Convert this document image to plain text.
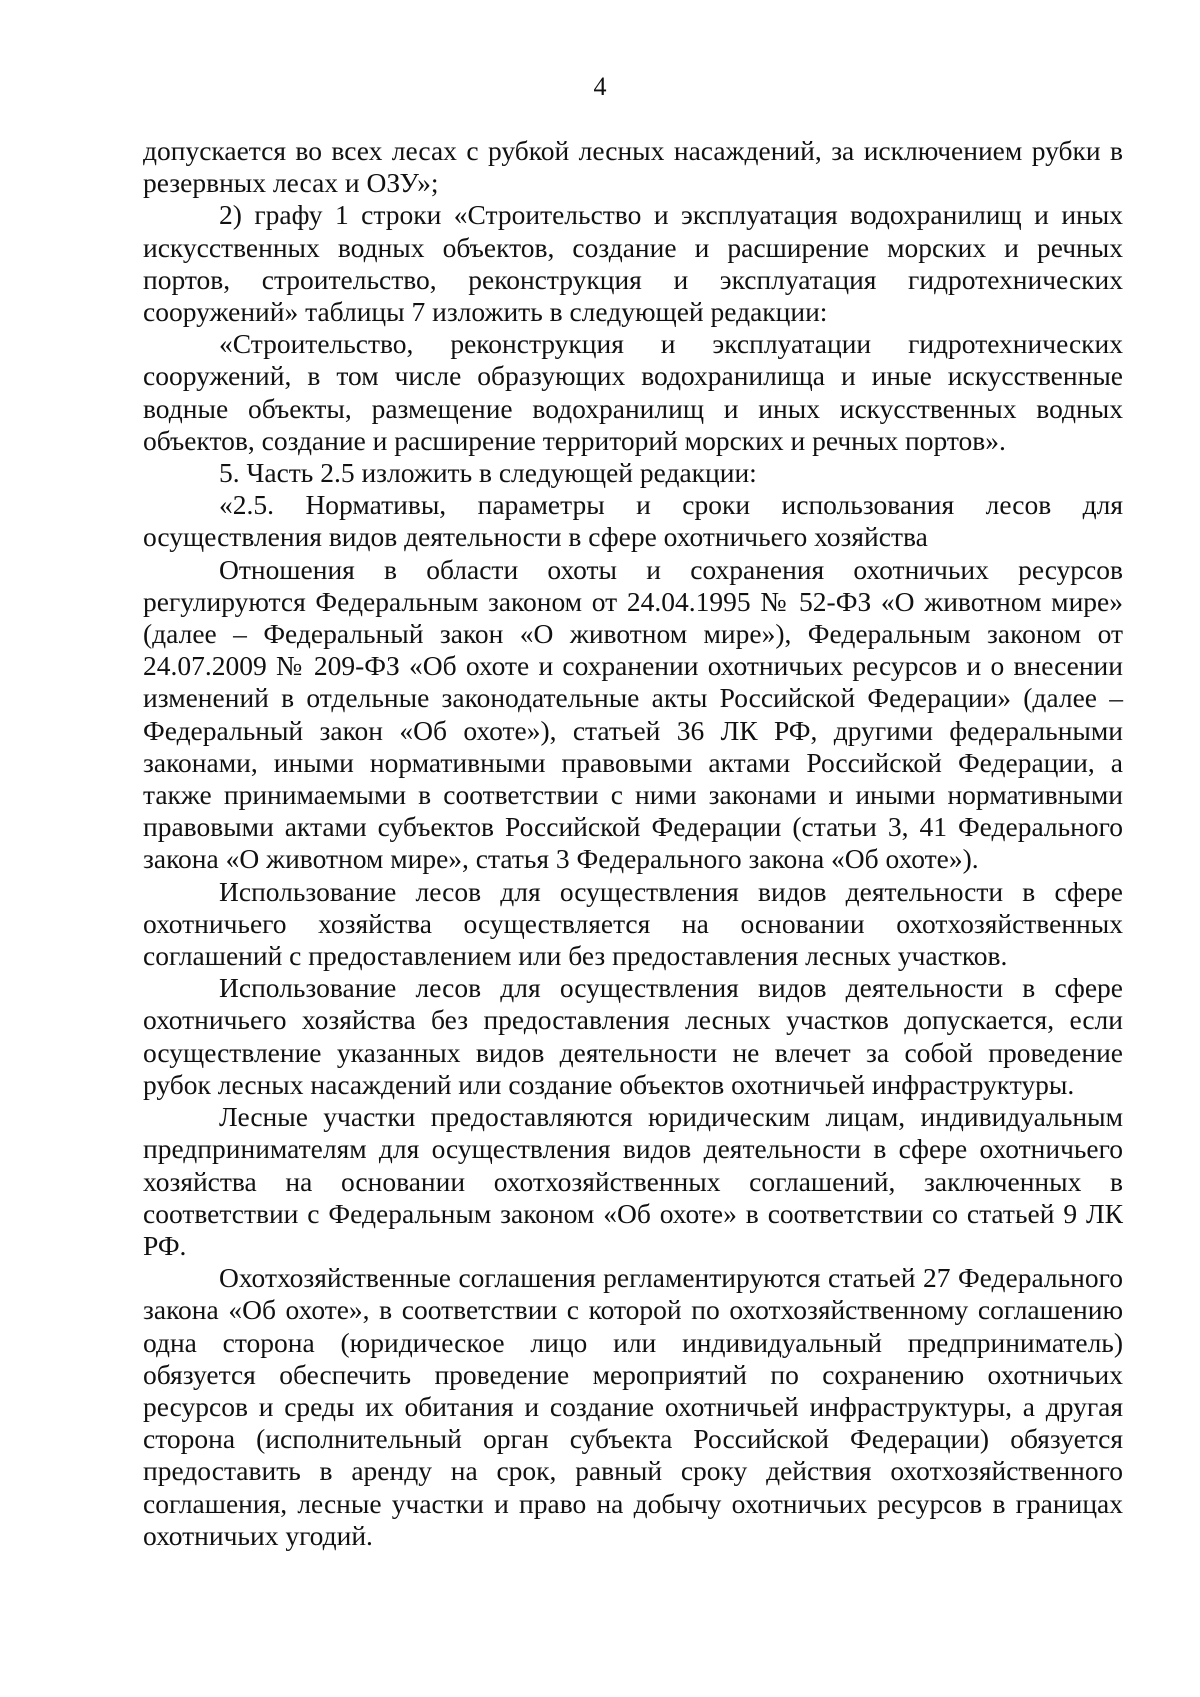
4

допускается во всех лесах с рубкой лесных насаждений, за исключением рубки в резервных лесах и ОЗУ»;

2) графу 1 строки «Строительство и эксплуатация водохранилищ и иных искусственных водных объектов, создание и расширение морских и речных портов, строительство, реконструкция и эксплуатация гидротехнических сооружений» таблицы 7 изложить в следующей редакции:

«Строительство, реконструкция и эксплуатации гидротехнических сооружений, в том числе образующих водохранилища и иные искусственные водные объекты, размещение водохранилищ и иных искусственных водных объектов, создание и расширение территорий морских и речных портов».

5. Часть 2.5 изложить в следующей редакции:

«2.5. Нормативы, параметры и сроки использования лесов для осуществления видов деятельности в сфере охотничьего хозяйства

Отношения в области охоты и сохранения охотничьих ресурсов регулируются Федеральным законом от 24.04.1995 № 52-ФЗ «О животном мире» (далее – Федеральный закон «О животном мире»), Федеральным законом от 24.07.2009 № 209-ФЗ «Об охоте и сохранении охотничьих ресурсов и о внесении изменений в отдельные законодательные акты Российской Федерации» (далее – Федеральный закон «Об охоте»), статьей 36 ЛК РФ, другими федеральными законами, иными нормативными правовыми актами Российской Федерации, а также принимаемыми в соответствии с ними законами и иными нормативными правовыми актами субъектов Российской Федерации (статьи 3, 41 Федерального закона «О животном мире», статья 3 Федерального закона «Об охоте»).

Использование лесов для осуществления видов деятельности в сфере охотничьего хозяйства осуществляется на основании охотхозяйственных соглашений с предоставлением или без предоставления лесных участков.

Использование лесов для осуществления видов деятельности в сфере охотничьего хозяйства без предоставления лесных участков допускается, если осуществление указанных видов деятельности не влечет за собой проведение рубок лесных насаждений или создание объектов охотничьей инфраструктуры.

Лесные участки предоставляются юридическим лицам, индивидуальным предпринимателям для осуществления видов деятельности в сфере охотничьего хозяйства на основании охотхозяйственных соглашений, заключенных в соответствии с Федеральным законом «Об охоте» в соответствии со статьей 9 ЛК РФ.

Охотхозяйственные соглашения регламентируются статьей 27 Федерального закона «Об охоте», в соответствии с которой по охотхозяйственному соглашению одна сторона (юридическое лицо или индивидуальный предприниматель) обязуется обеспечить проведение мероприятий по сохранению охотничьих ресурсов и среды их обитания и создание охотничьей инфраструктуры, а другая сторона (исполнительный орган субъекта Российской Федерации) обязуется предоставить в аренду на срок, равный сроку действия охотхозяйственного соглашения, лесные участки и право на добычу охотничьих ресурсов в границах охотничьих угодий.
